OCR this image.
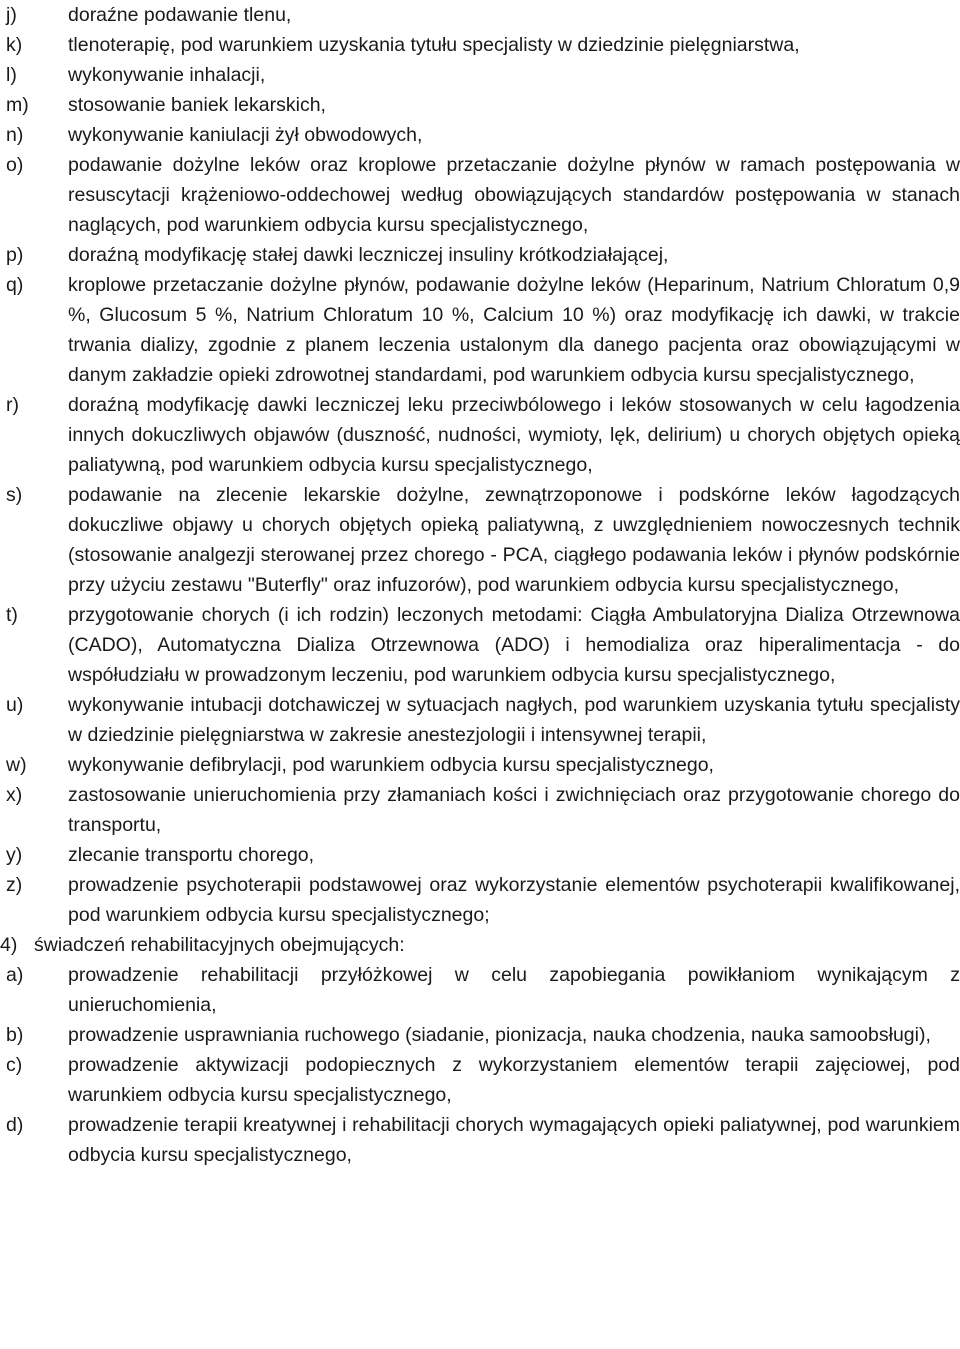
j)	doraźne podawanie tlenu,
k)	tlenoterapię, pod warunkiem uzyskania tytułu specjalisty w dziedzinie pielęgniarstwa,
l)	wykonywanie inhalacji,
m)	stosowanie baniek lekarskich,
n)	wykonywanie kaniulacji żył obwodowych,
o)	podawanie dożylne leków oraz kroplowe przetaczanie dożylne płynów w ramach postępowania w resuscytacji krążeniowo-oddechowej według obowiązujących standardów postępowania w stanach naglących, pod warunkiem odbycia kursu specjalistycznego,
p)	doraźną modyfikację stałej dawki leczniczej insuliny krótkodziałającej,
q)	kroplowe przetaczanie dożylne płynów, podawanie dożylne leków (Heparinum, Natrium Chloratum 0,9 %, Glucosum 5 %, Natrium Chloratum 10 %, Calcium 10 %) oraz modyfikację ich dawki, w trakcie trwania dializy, zgodnie z planem leczenia ustalonym dla danego pacjenta oraz obowiązującymi w danym zakładzie opieki zdrowotnej standardami, pod warunkiem odbycia kursu specjalistycznego,
r)	doraźną modyfikację dawki leczniczej leku przeciwbólowego i leków stosowanych w celu łagodzenia innych dokuczliwych objawów (duszność, nudności, wymioty, lęk, delirium) u chorych objętych opieką paliatywną, pod warunkiem odbycia kursu specjalistycznego,
s)	podawanie na zlecenie lekarskie dożylne, zewnątrzoponowe i podskórne leków łagodzących dokuczliwe objawy u chorych objętych opieką paliatywną, z uwzględnieniem nowoczesnych technik (stosowanie analgezji sterowanej przez chorego - PCA, ciągłego podawania leków i płynów podskórnie przy użyciu zestawu "Buterfly" oraz infuzorów), pod warunkiem odbycia kursu specjalistycznego,
t)	przygotowanie chorych (i ich rodzin) leczonych metodami: Ciągła Ambulatoryjna Dializa Otrzewnowa (CADO), Automatyczna Dializa Otrzewnowa (ADO) i hemodializa oraz hiperalimentacja - do współudziału w prowadzonym leczeniu, pod warunkiem odbycia kursu specjalistycznego,
u)	wykonywanie intubacji dotchawiczej w sytuacjach nagłych, pod warunkiem uzyskania tytułu specjalisty w dziedzinie pielęgniarstwa w zakresie anestezjologii i intensywnej terapii,
w)	wykonywanie defibrylacji, pod warunkiem odbycia kursu specjalistycznego,
x)	zastosowanie unieruchomienia przy złamaniach kości i zwichnięciach oraz przygotowanie chorego do transportu,
y)	zlecanie transportu chorego,
z)	prowadzenie psychoterapii podstawowej oraz wykorzystanie elementów psychoterapii kwalifikowanej, pod warunkiem odbycia kursu specjalistycznego;
4) świadczeń rehabilitacyjnych obejmujących:
a)	prowadzenie rehabilitacji przyłóżkowej w celu zapobiegania powikłaniom wynikającym z unieruchomienia,
b)	prowadzenie usprawniania ruchowego (siadanie, pionizacja, nauka chodzenia, nauka samoobsługi),
c)	prowadzenie aktywizacji podopiecznych z wykorzystaniem elementów terapii zajęciowej, pod warunkiem odbycia kursu specjalistycznego,
d)	prowadzenie terapii kreatywnej i rehabilitacji chorych wymagających opieki paliatywnej, pod warunkiem odbycia kursu specjalistycznego,
